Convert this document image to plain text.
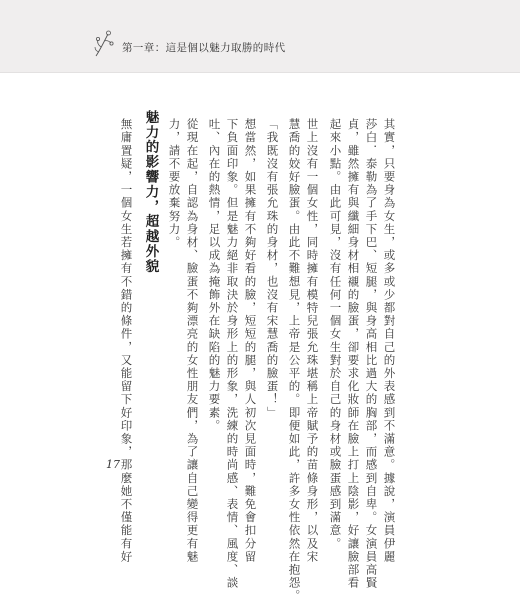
第一章：這是個以魅力取勝的時代
其實，只要身為女生，或多或少都對自己的外表感到不滿意。據說，演員伊麗
莎白．泰勒為了手下巴、短腿，與身高相比過大的胸部，而感到自卑。女演員高賢
貞，雖然擁有與纖細身材相襯的臉蛋，卻要求化妝師在臉上打上陰影，好讓臉部看
起來小點。由此可見，沒有任何一個女生對於自己的身材或臉蛋感到滿意。
世上沒有一個女性，同時擁有模特兒張允珠堪稱上帝賦予的苗條身形，以及宋
慧喬的姣好臉蛋。由此不難想見，上帝是公平的。即便如此，許多女性依然在抱怨。
「我既沒有張允珠的身材，也沒有宋慧喬的臉蛋！」
想當然，如果擁有不夠好看的臉，短短的腿，與人初次見面時，難免會扣分留
下負面印象。但是魅力絕非取決於身形上的形象，洗練的時尚感、表情、風度、談
吐、內在的熱情，足以成為掩飾外在缺陷的魅力要素。
從現在起，自認為身材、臉蛋不夠漂亮的女性朋友們，為了讓自己變得更有魅
力，請不要放棄努力。
魅力的影響力，超越外貌
無庸置疑，一個女生若擁有不錯的條件，又能留下好印象，那麼她不僅能有好
17
